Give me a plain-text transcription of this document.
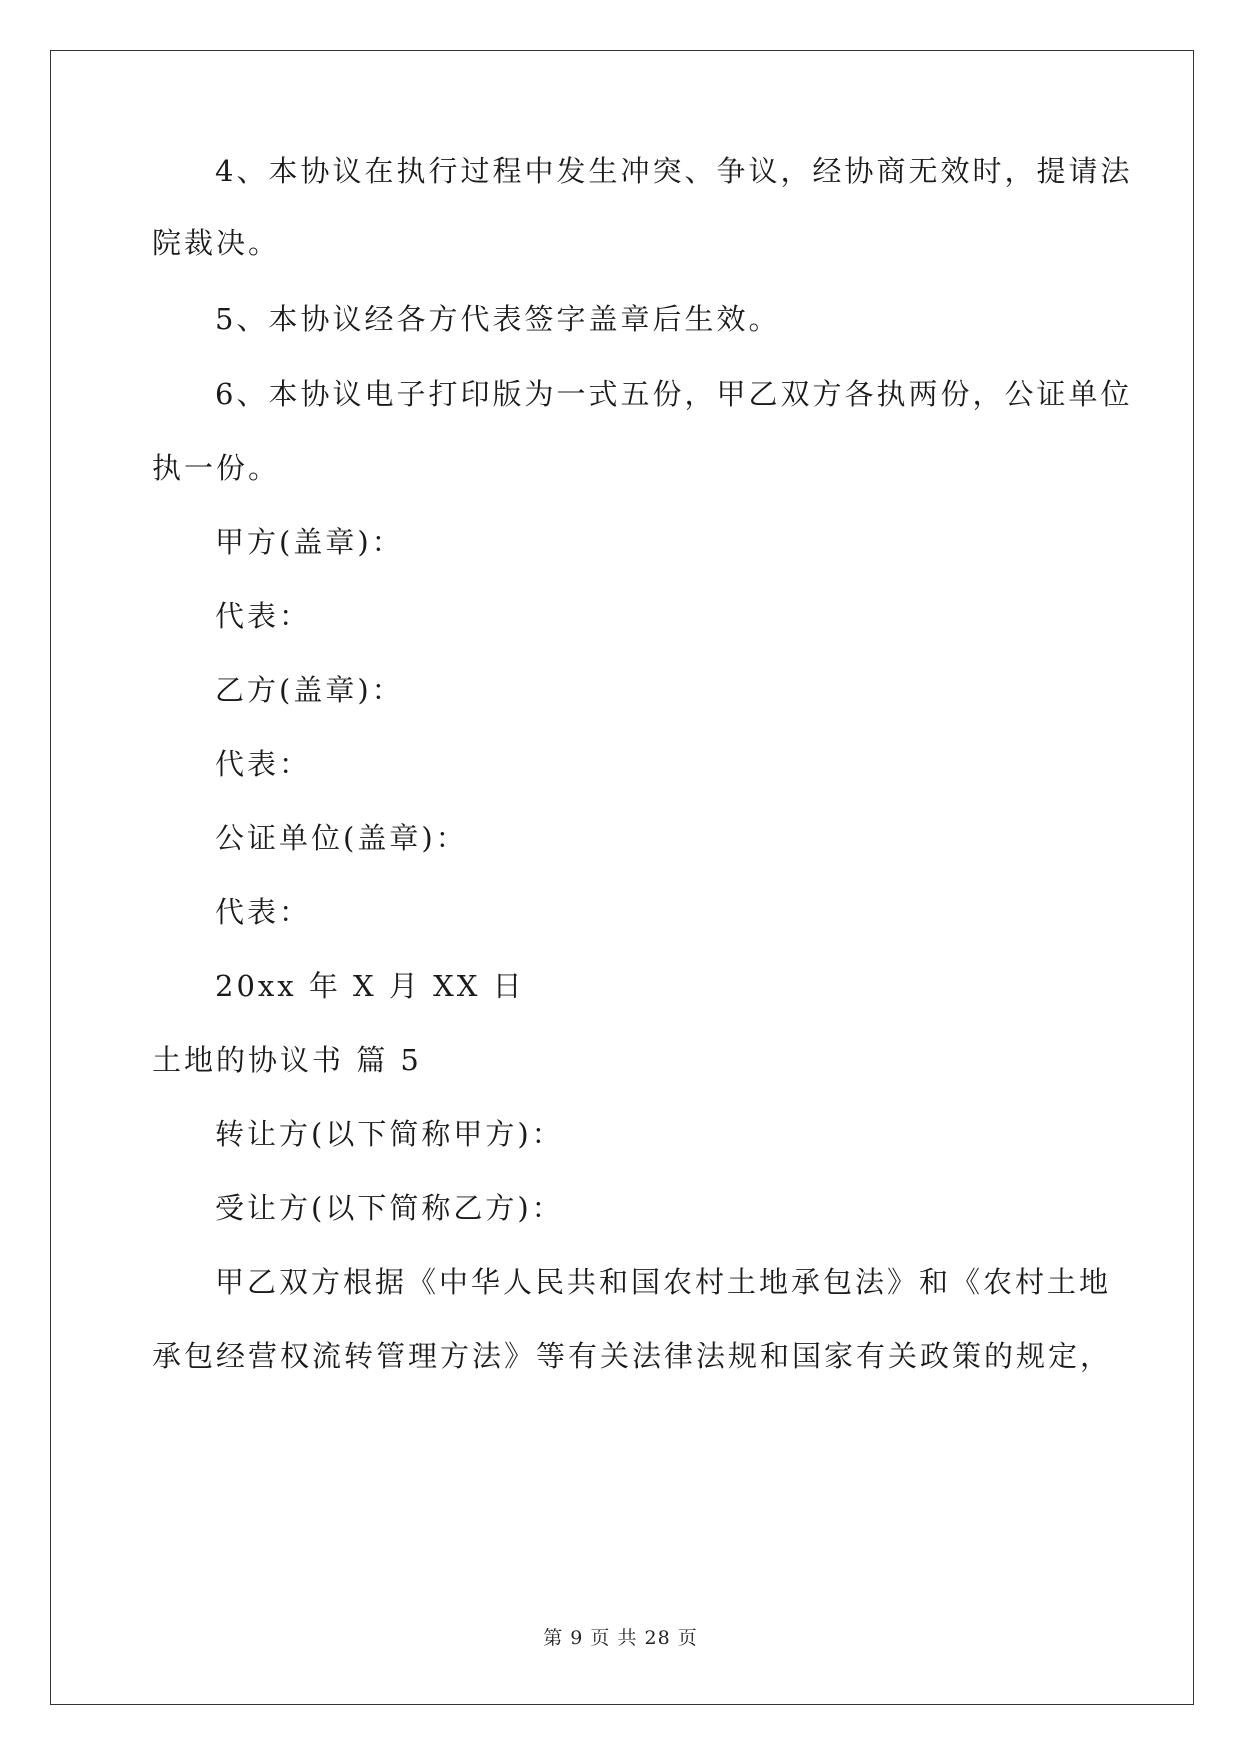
4、本协议在执行过程中发生冲突、争议，经协商无效时，提请法

院裁决。

5、本协议经各方代表签字盖章后生效。

6、本协议电子打印版为一式五份，甲乙双方各执两份，公证单位

执一份。

甲方(盖章)：

代表：

乙方(盖章)：

代表：

公证单位(盖章)：

代表：

20xx 年 X 月 XX 日

土地的协议书 篇 5

转让方(以下简称甲方)：

受让方(以下简称乙方)：

甲乙双方根据《中华人民共和国农村土地承包法》和《农村土地

承包经营权流转管理方法》等有关法律法规和国家有关政策的规定，

第 9 页 共 28 页
